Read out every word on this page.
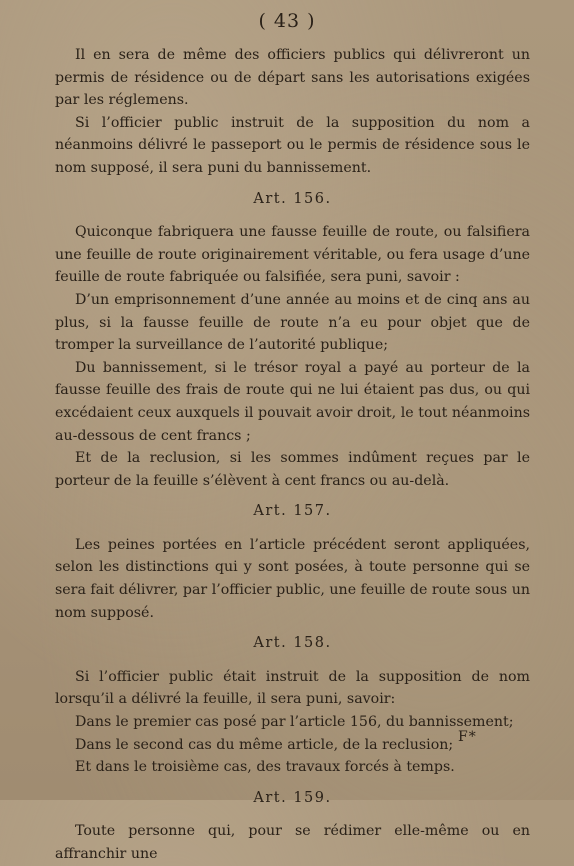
( 43 )

Il en sera de même des officiers publics qui délivreront un permis de résidence ou de départ sans les autorisations exigées par les réglemens.

Si l’officier public instruit de la supposition du nom a néanmoins délivré le passeport ou le permis de résidence sous le nom supposé, il sera puni du bannissement.

Art. 156.

Quiconque fabriquera une fausse feuille de route, ou falsifiera une feuille de route originairement véritable, ou fera usage d’une feuille de route fabriquée ou falsifiée, sera puni, savoir :

D’un emprisonnement d’une année au moins et de cinq ans au plus, si la fausse feuille de route n’a eu pour objet que de tromper la surveillance de l’autorité publique;

Du bannissement, si le trésor royal a payé au porteur de la fausse feuille des frais de route qui ne lui étaient pas dus, ou qui excédaient ceux auxquels il pouvait avoir droit, le tout néanmoins au-dessous de cent francs ;

Et de la reclusion, si les sommes indûment reçues par le porteur de la feuille s’élèvent à cent francs ou au-delà.

Art. 157.

Les peines portées en l’article précédent seront appliquées, selon les distinctions qui y sont posées, à toute personne qui se sera fait délivrer, par l’officier public, une feuille de route sous un nom supposé.

Art. 158.

Si l’officier public était instruit de la supposition de nom lorsqu’il a délivré la feuille, il sera puni, savoir:

Dans le premier cas posé par l’article 156, du bannissement;

Dans le second cas du même article, de la reclusion;

Et dans le troisième cas, des travaux forcés à temps.

Art. 159.

Toute personne qui, pour se rédimer elle-même ou en affranchir une

F*
